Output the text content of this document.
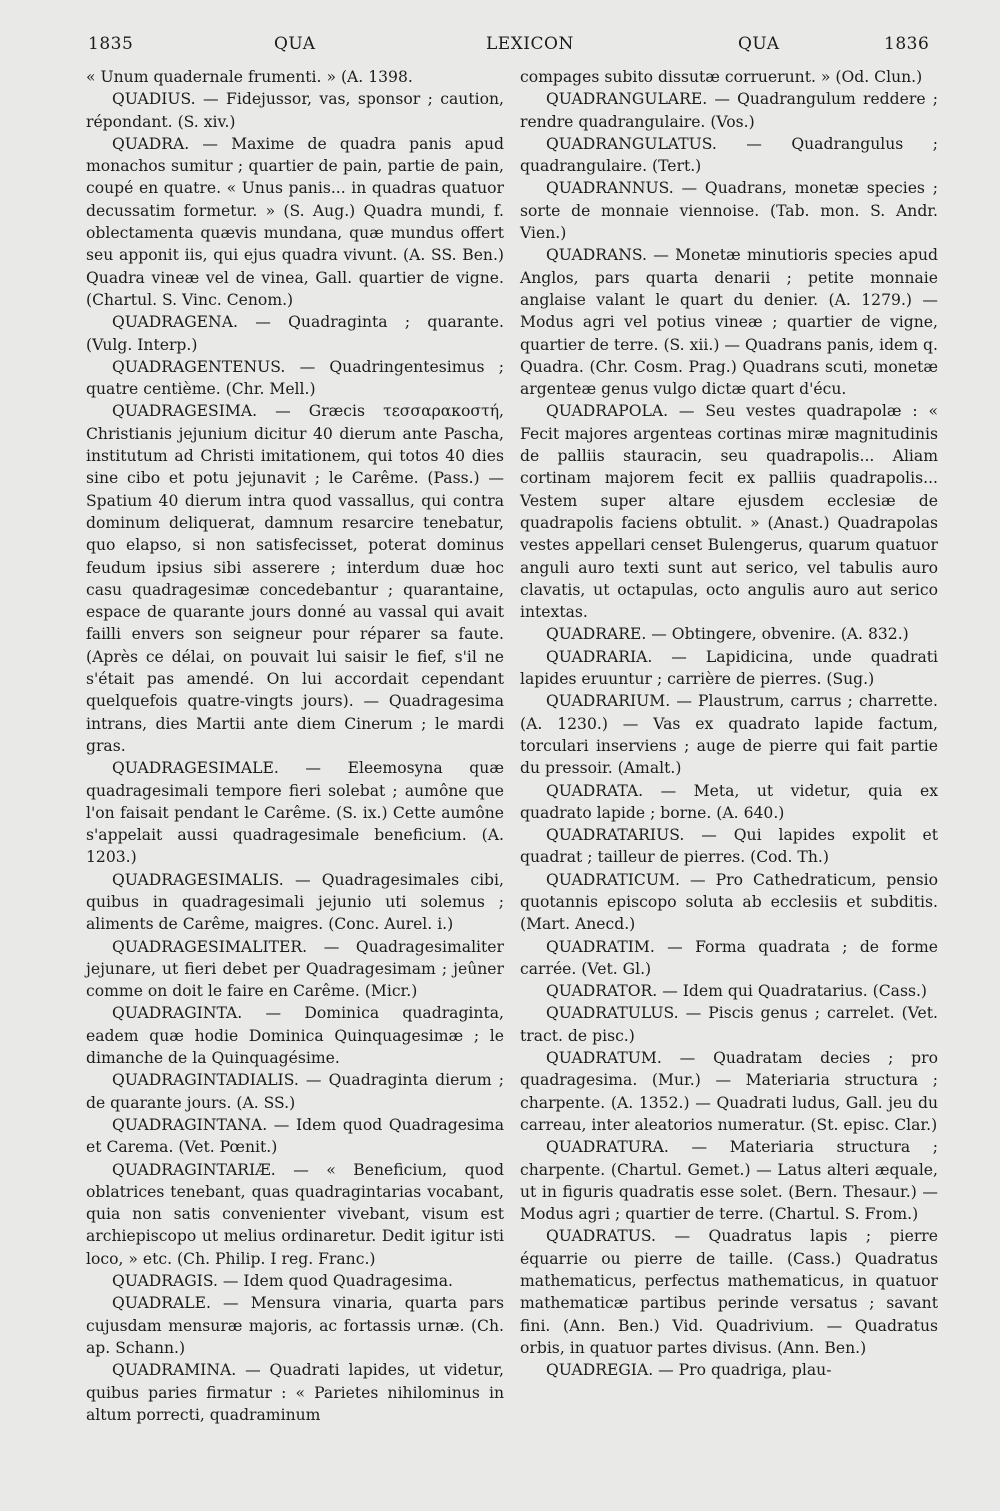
1835	QUA	LEXICON	QUA	1836

« Unum quadernale frumenti. » (A. 1398.

QUADIUS. — Fidejussor, vas, sponsor ; caution, répondant. (S. xiv.)

QUADRA. — Maxime de quadra panis apud monachos sumitur ; quartier de pain, partie de pain, coupé en quatre. « Unus panis... in quadras quatuor decussatim formetur. » (S. Aug.) Quadra mundi, f. oblectamenta quævis mundana, quæ mundus offert seu apponit iis, qui ejus quadra vivunt. (A. SS. Ben.) Quadra vineæ vel de vinea, Gall. quartier de vigne. (Chartul. S. Vinc. Cenom.)

QUADRAGENA. — Quadraginta ; quarante. (Vulg. Interp.)

QUADRAGENTENUS. — Quadringentesimus ; quatre centième. (Chr. Mell.)

QUADRAGESIMA. — Græcis τεσσαρακοστή, Christianis jejunium dicitur 40 dierum ante Pascha, institutum ad Christi imitationem, qui totos 40 dies sine cibo et potu jejunavit ; le Carême. (Pass.) — Spatium 40 dierum intra quod vassallus, qui contra dominum deliquerat, damnum resarcire tenebatur, quo elapso, si non satisfecisset, poterat dominus feudum ipsius sibi asserere ; interdum duæ hoc casu quadragesimæ concedebantur ; quarantaine, espace de quarante jours donné au vassal qui avait failli envers son seigneur pour réparer sa faute. (Après ce délai, on pouvait lui saisir le fief, s'il ne s'était pas amendé. On lui accordait cependant quelquefois quatre-vingts jours). — Quadragesima intrans, dies Martii ante diem Cinerum ; le mardi gras.

QUADRAGESIMALE. — Eleemosyna quæ quadragesimali tempore fieri solebat ; aumône que l'on faisait pendant le Carême. (S. ix.) Cette aumône s'appelait aussi quadragesimale beneficium. (A. 1203.)

QUADRAGESIMALIS. — Quadragesimales cibi, quibus in quadragesimali jejunio uti solemus ; aliments de Carême, maigres. (Conc. Aurel. i.)

QUADRAGESIMALITER. — Quadragesimaliter jejunare, ut fieri debet per Quadragesimam ; jeûner comme on doit le faire en Carême. (Micr.)

QUADRAGINTA. — Dominica quadraginta, eadem quæ hodie Dominica Quinquagesimæ ; le dimanche de la Quinquagésime.

QUADRAGINTADIALIS. — Quadraginta dierum ; de quarante jours. (A. SS.)

QUADRAGINTANA. — Idem quod Quadragesima et Carema. (Vet. Pœnit.)

QUADRAGINTARIÆ. — « Beneficium, quod oblatrices tenebant, quas quadragintarias vocabant, quia non satis convenienter vivebant, visum est archiepiscopo ut melius ordinaretur. Dedit igitur isti loco, » etc. (Ch. Philip. I reg. Franc.)

QUADRAGIS. — Idem quod Quadragesima.

QUADRALE. — Mensura vinaria, quarta pars cujusdam mensuræ majoris, ac fortassis urnæ. (Ch. ap. Schann.)

QUADRAMINA. — Quadrati lapides, ut videtur, quibus paries firmatur : « Parietes nihilominus in altum porrecti, quadraminum

compages subito dissutæ corruerunt. » (Od. Clun.)

QUADRANGULARE. — Quadrangulum reddere ; rendre quadrangulaire. (Vos.)

QUADRANGULATUS. — Quadrangulus ; quadrangulaire. (Tert.)

QUADRANNUS. — Quadrans, monetæ species ; sorte de monnaie viennoise. (Tab. mon. S. Andr. Vien.)

QUADRANS. — Monetæ minutioris species apud Anglos, pars quarta denarii ; petite monnaie anglaise valant le quart du denier. (A. 1279.) — Modus agri vel potius vineæ ; quartier de vigne, quartier de terre. (S. xii.) — Quadrans panis, idem q. Quadra. (Chr. Cosm. Prag.) Quadrans scuti, monetæ argenteæ genus vulgo dictæ quart d'écu.

QUADRAPOLA. — Seu vestes quadrapolæ : « Fecit majores argenteas cortinas miræ magnitudinis de palliis stauracin, seu quadrapolis... Aliam cortinam majorem fecit ex palliis quadrapolis... Vestem super altare ejusdem ecclesiæ de quadrapolis faciens obtulit. » (Anast.) Quadrapolas vestes appellari censet Bulengerus, quarum quatuor anguli auro texti sunt aut serico, vel tabulis auro clavatis, ut octapulas, octo angulis auro aut serico intextas.

QUADRARE. — Obtingere, obvenire. (A. 832.)

QUADRARIA. — Lapidicina, unde quadrati lapides eruuntur ; carrière de pierres. (Sug.)

QUADRARIUM. — Plaustrum, carrus ; charrette. (A. 1230.) — Vas ex quadrato lapide factum, torculari inserviens ; auge de pierre qui fait partie du pressoir. (Amalt.)

QUADRATA. — Meta, ut videtur, quia ex quadrato lapide ; borne. (A. 640.)

QUADRATARIUS. — Qui lapides expolit et quadrat ; tailleur de pierres. (Cod. Th.)

QUADRATICUM. — Pro Cathedraticum, pensio quotannis episcopo soluta ab ecclesiis et subditis. (Mart. Anecd.)

QUADRATIM. — Forma quadrata ; de forme carrée. (Vet. Gl.)

QUADRATOR. — Idem qui Quadratarius. (Cass.)

QUADRATULUS. — Piscis genus ; carrelet. (Vet. tract. de pisc.)

QUADRATUM. — Quadratam decies ; pro quadragesima. (Mur.) — Materiaria structura ; charpente. (A. 1352.) — Quadrati ludus, Gall. jeu du carreau, inter aleatorios numeratur. (St. episc. Clar.)

QUADRATURA. — Materiaria structura ; charpente. (Chartul. Gemet.) — Latus alteri æquale, ut in figuris quadratis esse solet. (Bern. Thesaur.) — Modus agri ; quartier de terre. (Chartul. S. From.)

QUADRATUS. — Quadratus lapis ; pierre équarrie ou pierre de taille. (Cass.) Quadratus mathematicus, perfectus mathematicus, in quatuor mathematicæ partibus perinde versatus ; savant fini. (Ann. Ben.) Vid. Quadrivium. — Quadratus orbis, in quatuor partes divisus. (Ann. Ben.)

QUADREGIA. — Pro quadriga, plau-
